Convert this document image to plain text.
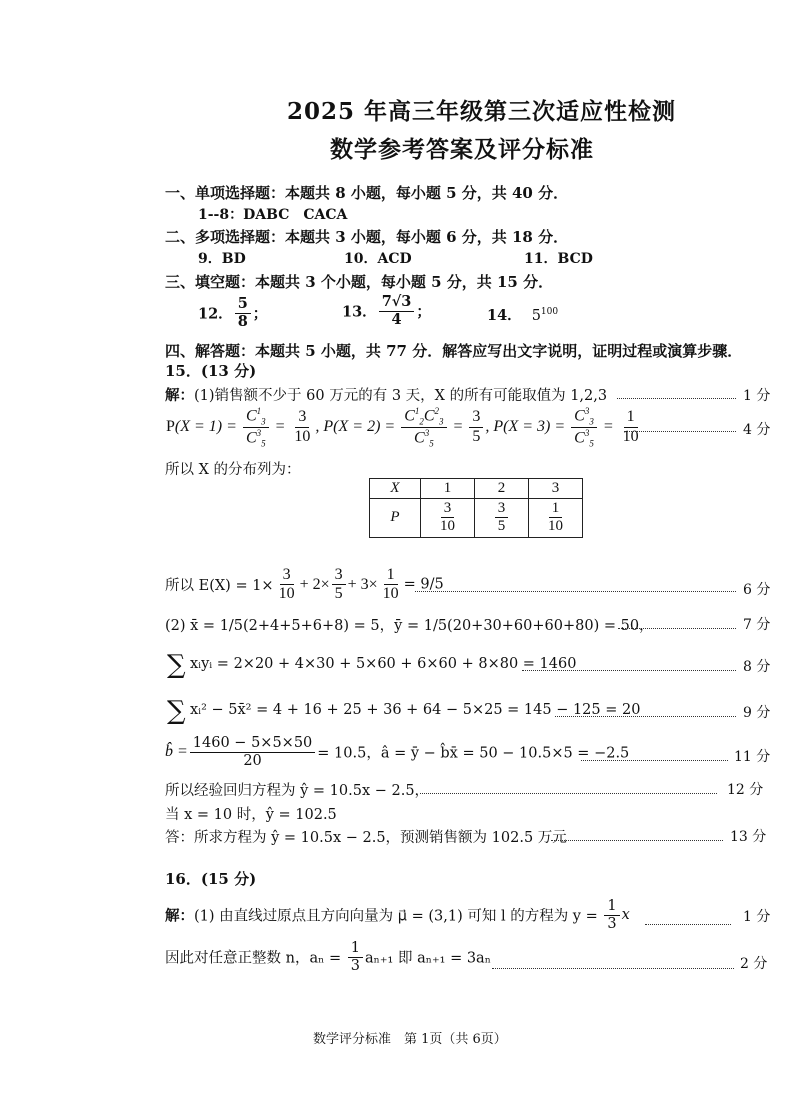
2025 年高三年级第三次适应性检测
数学参考答案及评分标准
一、单项选择题：本题共 8 小题，每小题 5 分，共 40 分．
1--8：DABC　CACA
二、多项选择题：本题共 3 小题，每小题 6 分，共 18 分．
9．BD	10．ACD	11．BCD
三、填空题：本题共 3 个小题，每小题 5 分，共 15 分．
12． $\frac{5}{8}$ ；	13． $\frac{7√3}{4}$ ；	14． $5^{100}$
四、解答题：本题共 5 小题，共 77 分．解答应写出文字说明，证明过程或演算步骤．
15．(13 分)
解：(1)销售额不少于 60 万元的有 3 天，X 的所有可能取值为 1,2,3	1 分
$P(X = 1) = \frac{C^1_3}{C^3_5} = \frac{3}{10}$ , $P(X = 2) = \frac{C^1_2C^2_3}{C^3_5} = \frac{3}{5}$ , $P(X = 3) = \frac{C^3_3}{C^3_5} = \frac{1}{10}$	4 分
所以 X 的分布列为：
X	1	2	3
P	$\frac{3}{10}$	$\frac{3}{5}$	$\frac{1}{10}$
所以 $E(X) = 1\times \frac{3}{10} + 2\times \frac{3}{5} + 3\times \frac{1}{10} = 9/5$	6 分
(2) x̄ = 1/5(2+4+5+6+8) = 5，ȳ = 1/5(20+30+60+60+80) = 50，	7 分
∑ xᵢyᵢ = 2×20 + 4×30 + 5×60 + 6×60 + 8×80 = 1460	8 分
∑ xᵢ² − 5x̄² = 4 + 16 + 25 + 36 + 64 − 5×25 = 145 − 125 = 20	9 分
b̂ = $\frac{1460 - 5\times 5\times 50}{20} = 10.5$，â = ȳ − b̂x̄ = 50 − 10.5×5 = −2.5	11 分
所以经验回归方程为 ŷ = 10.5x − 2.5，	12 分
当 x = 10 时，ŷ = 102.5
答：所求方程为 ŷ = 10.5x − 2.5，预测销售额为 102.5 万元	13 分
16．(15 分)
解：(1) 由直线过原点且方向向量为 μ⃗ = (3,1) 可知 l 的方程为 $y = \frac{1}{3}$ x	1 分
因此对任意正整数 n，$a_n = \frac{1}{3} a_{n+1}$ 即 aₙ₊₁ = 3aₙ	2 分
数学评分标准　第 1页（共 6页）
